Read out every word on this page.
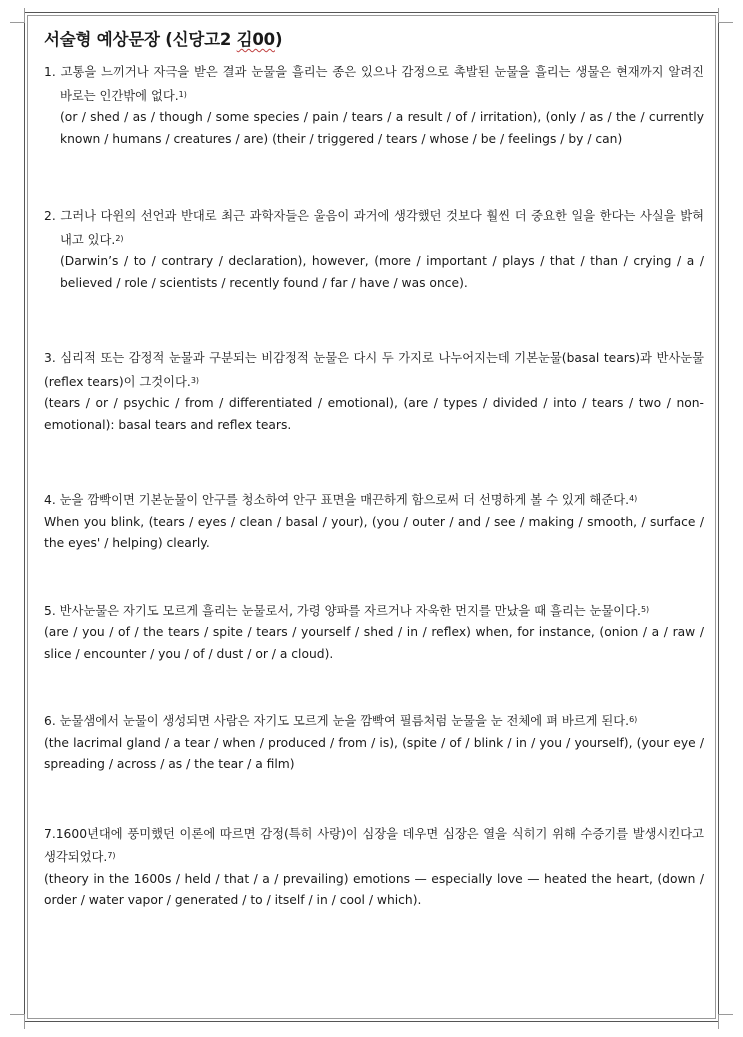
서술형 예상문장 (신당고2 김00)

1. 고통을 느끼거나 자극을 받은 결과 눈물을 흘리는 종은 있으나 감정으로 촉발된 눈물을 흘리는 생물은 현재까지 알려진 바로는 인간밖에 없다.$^{1)}$

(or / shed / as / though / some species / pain / tears / a result / of / irritation), (only / as / the / currently known / humans / creatures / are) (their / triggered / tears / whose / be / feelings / by / can)

2. 그러나 다윈의 선언과 반대로 최근 과학자들은 울음이 과거에 생각했던 것보다 훨씬 더 중요한 일을 한다는 사실을 밝혀내고 있다.$^{2)}$

(Darwin’s / to / contrary / declaration), however, (more / important / plays / that / than / crying / a / believed / role / scientists / recently found / far / have / was once).

3. 심리적 또는 감정적 눈물과 구분되는 비감정적 눈물은 다시 두 가지로 나누어지는데 기본눈물(basal tears)과 반사눈물(reflex tears)이 그것이다.$^{3)}$

(tears / or / psychic / from / differentiated / emotional), (are / types / divided / into / tears / two / non-emotional): basal tears and reflex tears.

4. 눈을 깜빡이면 기본눈물이 안구를 청소하여 안구 표면을 매끈하게 함으로써 더 선명하게 볼 수 있게 해준다.$^{4)}$

When you blink, (tears / eyes / clean / basal / your), (you / outer / and / see / making / smooth, / surface / the eyes' / helping) clearly.

5. 반사눈물은 자기도 모르게 흘리는 눈물로서, 가령 양파를 자르거나 자욱한 먼지를 만났을 때 흘리는 눈물이다.$^{5)}$

(are / you / of / the tears / spite / tears / yourself / shed / in / reflex) when, for instance, (onion / a / raw / slice / encounter / you / of / dust / or / a cloud).

6. 눈물샘에서 눈물이 생성되면 사람은 자기도 모르게 눈을 깜빡여 필름처럼 눈물을 눈 전체에 펴 바르게 된다.$^{6)}$

(the lacrimal gland / a tear / when / produced / from / is), (spite / of / blink / in / you / yourself), (your eye / spreading / across / as / the tear / a film)

7.1600년대에 풍미했던 이론에 따르면 감정(특히 사랑)이 심장을 데우면 심장은 열을 식히기 위해 수증기를 발생시킨다고 생각되었다.$^{7)}$

(theory in the 1600s / held / that / a / prevailing) emotions — especially love — heated the heart, (down / order / water vapor / generated / to / itself / in / cool / which).
